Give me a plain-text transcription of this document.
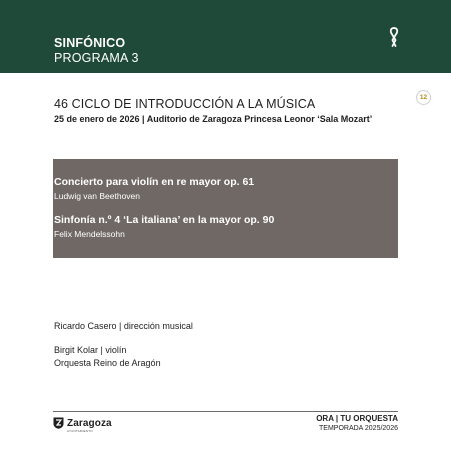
SINFÓNICO
PROGRAMA 3
12
46 CICLO DE INTRODUCCIÓN A LA MÚSICA
25 de enero de 2026 | Auditorio de Zaragoza Princesa Leonor ‘Sala Mozart’
Concierto para violín en re mayor op. 61
Ludwig van Beethoven
Sinfonía n.º 4 ‘La italiana’ en la mayor op. 90
Felix Mendelssohn
Ricardo Casero | dirección musical
Birgit Kolar | violín
Orquesta Reino de Aragón
Zaragoza
AYUNTAMIENTO
ORA | TU ORQUESTA
TEMPORADA 2025/2026
